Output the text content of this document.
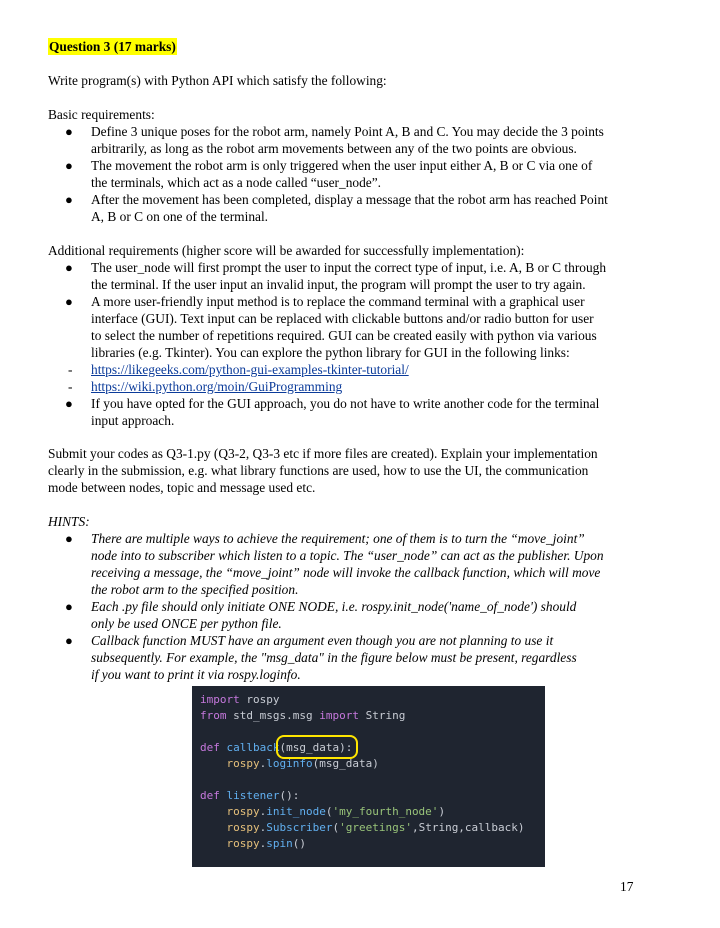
Question 3 (17 marks)
Write program(s) with Python API which satisfy the following:
Basic requirements:
● Define 3 unique poses for the robot arm, namely Point A, B and C. You may decide the 3 points
arbitrarily, as long as the robot arm movements between any of the two points are obvious.
● The movement the robot arm is only triggered when the user input either A, B or C via one of
the terminals, which act as a node called “user_node”.
● After the movement has been completed, display a message that the robot arm has reached Point
A, B or C on one of the terminal.
Additional requirements (higher score will be awarded for successfully implementation):
● The user_node will first prompt the user to input the correct type of input, i.e. A, B or C through
the terminal. If the user input an invalid input, the program will prompt the user to try again.
● A more user-friendly input method is to replace the command terminal with a graphical user
interface (GUI). Text input can be replaced with clickable buttons and/or radio button for user
to select the number of repetitions required. GUI can be created easily with python via various
libraries (e.g. Tkinter). You can explore the python library for GUI in the following links:
- https://likegeeks.com/python-gui-examples-tkinter-tutorial/
- https://wiki.python.org/moin/GuiProgramming
● If you have opted for the GUI approach, you do not have to write another code for the terminal
input approach.
Submit your codes as Q3-1.py (Q3-2, Q3-3 etc if more files are created). Explain your implementation
clearly in the submission, e.g. what library functions are used, how to use the UI, the communication
mode between nodes, topic and message used etc.
HINTS:
● There are multiple ways to achieve the requirement; one of them is to turn the “move_joint”
node into to subscriber which listen to a topic. The “user_node” can act as the publisher. Upon
receiving a message, the “move_joint” node will invoke the callback function, which will move
the robot arm to the specified position.
● Each .py file should only initiate ONE NODE, i.e. rospy.init_node('name_of_node') should
only be used ONCE per python file.
● Callback function MUST have an argument even though you are not planning to use it
subsequently. For example, the "msg_data" in the figure below must be present, regardless
if you want to print it via rospy.loginfo.
import rospy
from std_msgs.msg import String
def callback(msg_data):
rospy.loginfo(msg_data)
def listener():
rospy.init_node('my_fourth_node')
rospy.Subscriber('greetings',String,callback)
rospy.spin()
17
